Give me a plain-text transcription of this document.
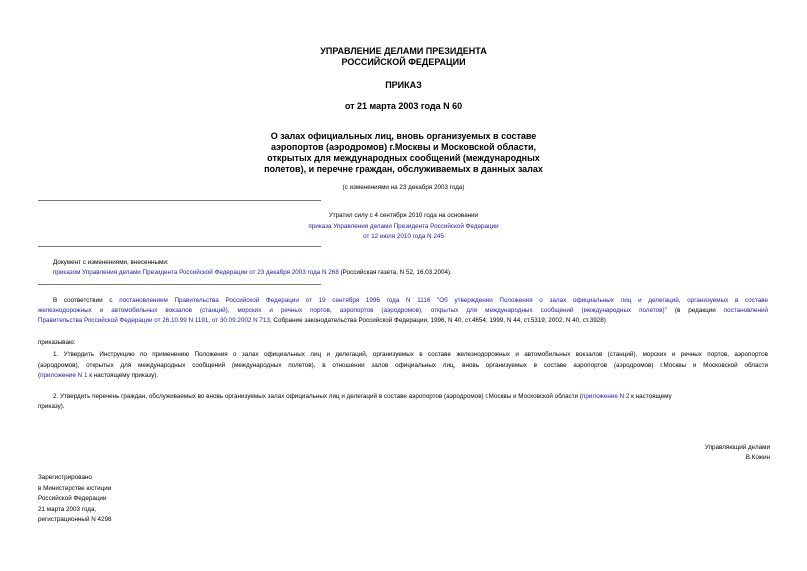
УПРАВЛЕНИЕ ДЕЛАМИ ПРЕЗИДЕНТА
РОССИЙСКОЙ ФЕДЕРАЦИИ
ПРИКАЗ
от 21 марта 2003 года N 60
О залах официальных лиц, вновь организуемых в составе
аэропортов (аэродромов) г.Москвы и Московской области,
открытых для международных сообщений (международных
полетов), и перечне граждан, обслуживаемых в данных залах
(с изменениями на 23 декабря 2003 года)
Утратил силу с 4 сентября 2010 года на основании
приказа Управления делами Президента Российской Федерации
от 12 июля 2010 года N 245
Документ с изменениями, внесенными:
приказом Управления делами Президента Российской Федерации от 23 декабря 2003 года N 268 (Российская газета, N 52, 16.03.2004).
В соответствии с постановлением Правительства Российской Федерации от 19 сентября 1996 года N 1116 "Об утверждении Положения о залах официальных лиц и делегаций, организуемых в составе
железнодорожных и автомобильных вокзалов (станций), морских и речных портов, аэропортов (аэродромов), открытых для международных сообщений (международных полетов)" (в редакции постановлений
Правительства Российской Федерации от 26.10.99 N 1191, от 30.09.2002 N 713; Собрание законодательства Российской Федерации, 1996, N 40, ст.4654; 1999, N 44, ст.5319; 2002, N 40, ст.3928)
приказываю:
1. Утвердить Инструкцию по применению Положения о залах официальных лиц и делегаций, организуемых в составе железнодорожных и автомобильных вокзалов (станций), морских и речных портов, аэропортов
(аэродромов), открытых для международных сообщений (международных полетов), в отношении залов официальных лиц, вновь организуемых в составе аэропортов (аэродромов) г.Москвы и Московской области
(приложение N 1 к настоящему приказу).
2. Утвердить перечень граждан, обслуживаемых во вновь организуемых залах официальных лиц и делегаций в составе аэропортов (аэродромов) г.Москвы и Московской области (приложение N 2 к настоящему
приказу).
Управляющий делами
В.Кожин
Зарегистрировано
в Министерстве юстиции
Российской Федерации
21 марта 2003 года,
регистрационный N 4298
